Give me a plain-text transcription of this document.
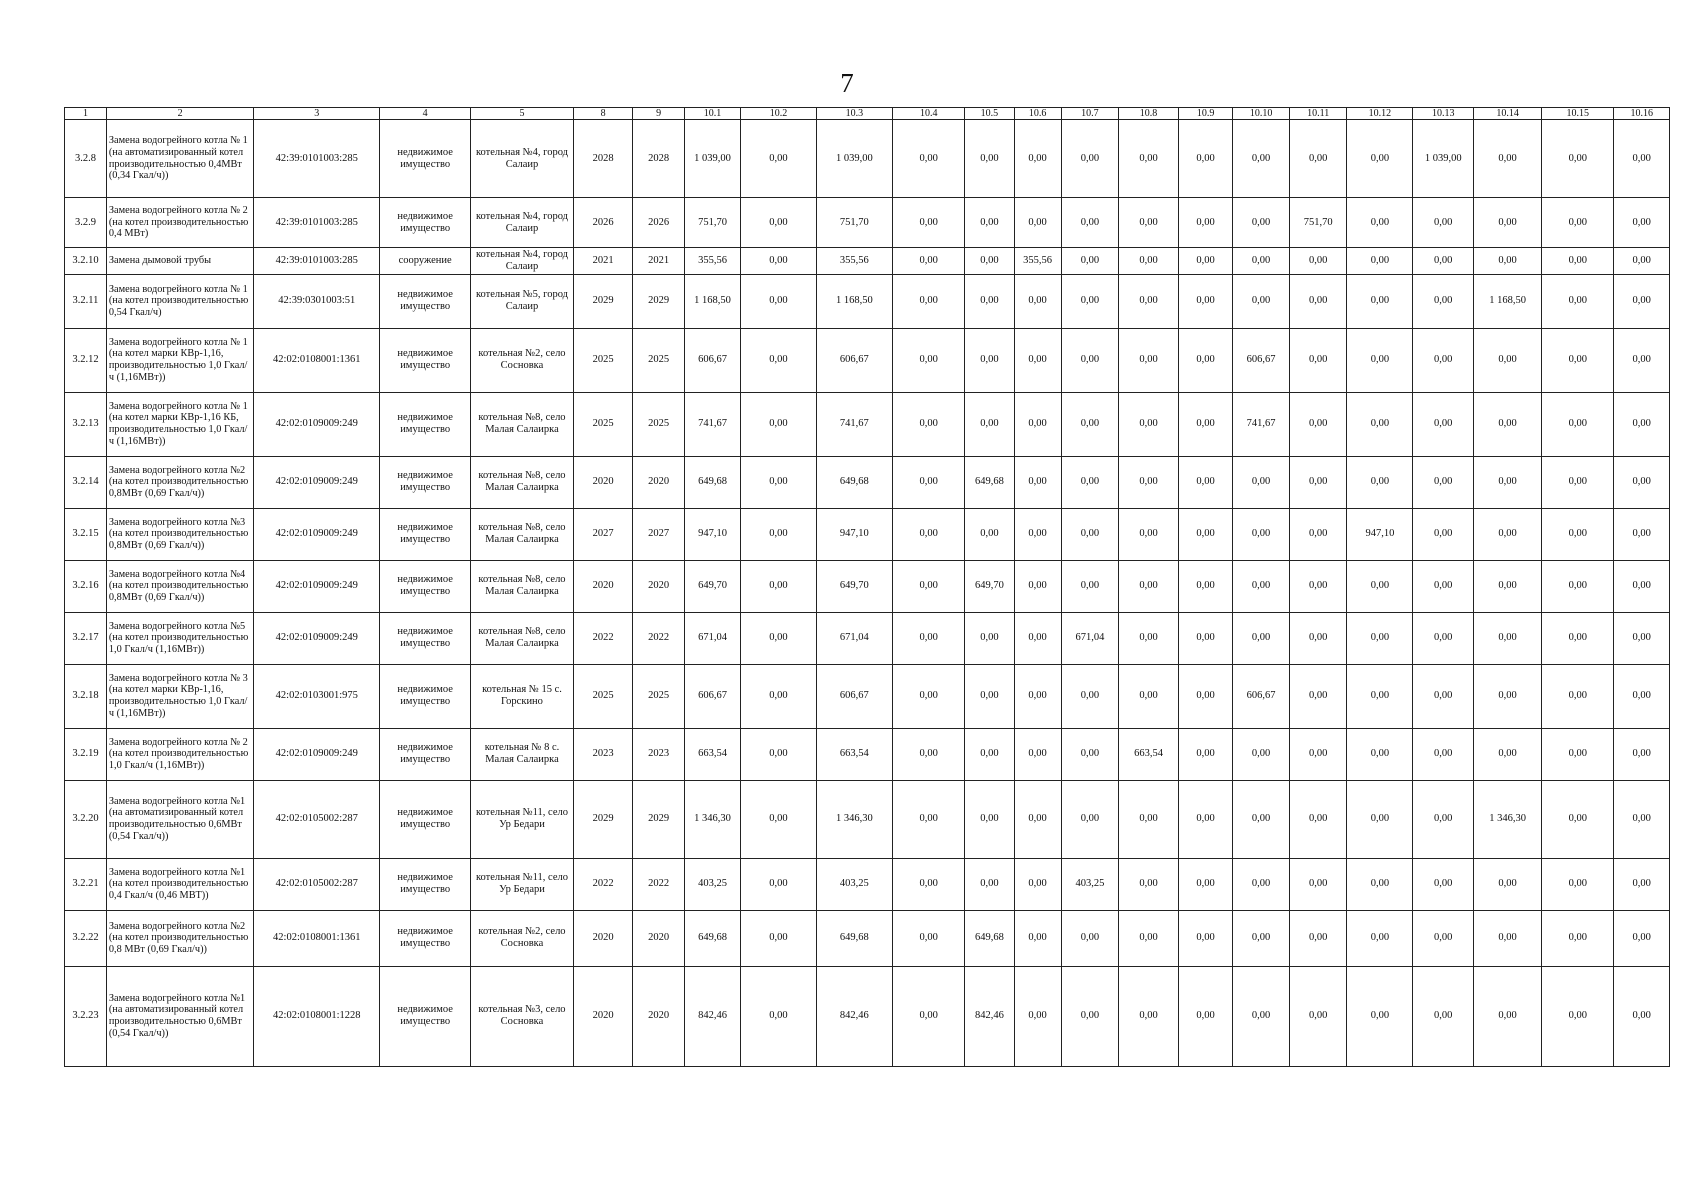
7
1	2	3	4	5	8	9	10.1	10.2	10.3	10.4	10.5	10.6	10.7	10.8	10.9	10.10	10.11	10.12	10.13	10.14	10.15	10.16
3.2.8	Замена водогрейного котла № 1 (на автоматизированный котел производительностью 0,4МВт (0,34 Гкал/ч))	42:39:0101003:285	недвижимое имущество	котельная №4, город Салаир	2028	2028	1 039,00	0,00	1 039,00	0,00	0,00	0,00	0,00	0,00	0,00	0,00	0,00	0,00	1 039,00	0,00	0,00	0,00
3.2.9	Замена водогрейного котла № 2 (на котел производительностью 0,4 МВт)	42:39:0101003:285	недвижимое имущество	котельная №4, город Салаир	2026	2026	751,70	0,00	751,70	0,00	0,00	0,00	0,00	0,00	0,00	0,00	751,70	0,00	0,00	0,00	0,00	0,00
3.2.10	Замена дымовой трубы	42:39:0101003:285	сооружение	котельная №4, город Салаир	2021	2021	355,56	0,00	355,56	0,00	0,00	355,56	0,00	0,00	0,00	0,00	0,00	0,00	0,00	0,00	0,00	0,00
3.2.11	Замена водогрейного котла № 1 (на котел производительностью 0,54 Гкал/ч)	42:39:0301003:51	недвижимое имущество	котельная №5, город Салаир	2029	2029	1 168,50	0,00	1 168,50	0,00	0,00	0,00	0,00	0,00	0,00	0,00	0,00	0,00	0,00	1 168,50	0,00	0,00
3.2.12	Замена водогрейного котла № 1 (на котел марки КВр-1,16, производительностью 1,0 Гкал/ч (1,16МВт))	42:02:0108001:1361	недвижимое имущество	котельная №2, село Сосновка	2025	2025	606,67	0,00	606,67	0,00	0,00	0,00	0,00	0,00	0,00	606,67	0,00	0,00	0,00	0,00	0,00	0,00
3.2.13	Замена водогрейного котла № 1 (на котел марки КВр-1,16 КБ, производительностью 1,0 Гкал/ч (1,16МВт))	42:02:0109009:249	недвижимое имущество	котельная №8, село Малая Салаирка	2025	2025	741,67	0,00	741,67	0,00	0,00	0,00	0,00	0,00	0,00	741,67	0,00	0,00	0,00	0,00	0,00	0,00
3.2.14	Замена водогрейного котла №2 (на котел производительностью 0,8МВт (0,69 Гкал/ч))	42:02:0109009:249	недвижимое имущество	котельная №8, село Малая Салаирка	2020	2020	649,68	0,00	649,68	0,00	649,68	0,00	0,00	0,00	0,00	0,00	0,00	0,00	0,00	0,00	0,00	0,00
3.2.15	Замена водогрейного котла №3 (на котел производительностью 0,8МВт (0,69 Гкал/ч))	42:02:0109009:249	недвижимое имущество	котельная №8, село Малая Салаирка	2027	2027	947,10	0,00	947,10	0,00	0,00	0,00	0,00	0,00	0,00	0,00	0,00	947,10	0,00	0,00	0,00	0,00
3.2.16	Замена водогрейного котла №4 (на котел производительностью 0,8МВт (0,69 Гкал/ч))	42:02:0109009:249	недвижимое имущество	котельная №8, село Малая Салаирка	2020	2020	649,70	0,00	649,70	0,00	649,70	0,00	0,00	0,00	0,00	0,00	0,00	0,00	0,00	0,00	0,00	0,00
3.2.17	Замена водогрейного котла №5 (на котел производительностью 1,0 Гкал/ч (1,16МВт))	42:02:0109009:249	недвижимое имущество	котельная №8, село Малая Салаирка	2022	2022	671,04	0,00	671,04	0,00	0,00	0,00	671,04	0,00	0,00	0,00	0,00	0,00	0,00	0,00	0,00	0,00
3.2.18	Замена водогрейного котла № 3 (на котел марки КВр-1,16, производительностью 1,0 Гкал/ч (1,16МВт))	42:02:0103001:975	недвижимое имущество	котельная № 15 с. Горскино	2025	2025	606,67	0,00	606,67	0,00	0,00	0,00	0,00	0,00	0,00	606,67	0,00	0,00	0,00	0,00	0,00	0,00
3.2.19	Замена водогрейного котла № 2 (на котел производительностью 1,0 Гкал/ч (1,16МВт))	42:02:0109009:249	недвижимое имущество	котельная № 8 с. Малая Салаирка	2023	2023	663,54	0,00	663,54	0,00	0,00	0,00	0,00	663,54	0,00	0,00	0,00	0,00	0,00	0,00	0,00	0,00
3.2.20	Замена водогрейного котла №1 (на автоматизированный котел производительностью 0,6МВт (0,54 Гкал/ч))	42:02:0105002:287	недвижимое имущество	котельная №11, село Ур Бедари	2029	2029	1 346,30	0,00	1 346,30	0,00	0,00	0,00	0,00	0,00	0,00	0,00	0,00	0,00	0,00	1 346,30	0,00	0,00
3.2.21	Замена водогрейного котла №1 (на котел производительностью 0,4 Гкал/ч (0,46 МВТ))	42:02:0105002:287	недвижимое имущество	котельная №11, село Ур Бедари	2022	2022	403,25	0,00	403,25	0,00	0,00	0,00	403,25	0,00	0,00	0,00	0,00	0,00	0,00	0,00	0,00	0,00
3.2.22	Замена водогрейного котла №2 (на котел производительностью 0,8 МВт (0,69 Гкал/ч))	42:02:0108001:1361	недвижимое имущество	котельная №2, село Сосновка	2020	2020	649,68	0,00	649,68	0,00	649,68	0,00	0,00	0,00	0,00	0,00	0,00	0,00	0,00	0,00	0,00	0,00
3.2.23	Замена водогрейного котла №1 (на автоматизированный котел производительностью 0,6МВт (0,54 Гкал/ч))	42:02:0108001:1228	недвижимое имущество	котельная №3, село Сосновка	2020	2020	842,46	0,00	842,46	0,00	842,46	0,00	0,00	0,00	0,00	0,00	0,00	0,00	0,00	0,00	0,00	0,00
